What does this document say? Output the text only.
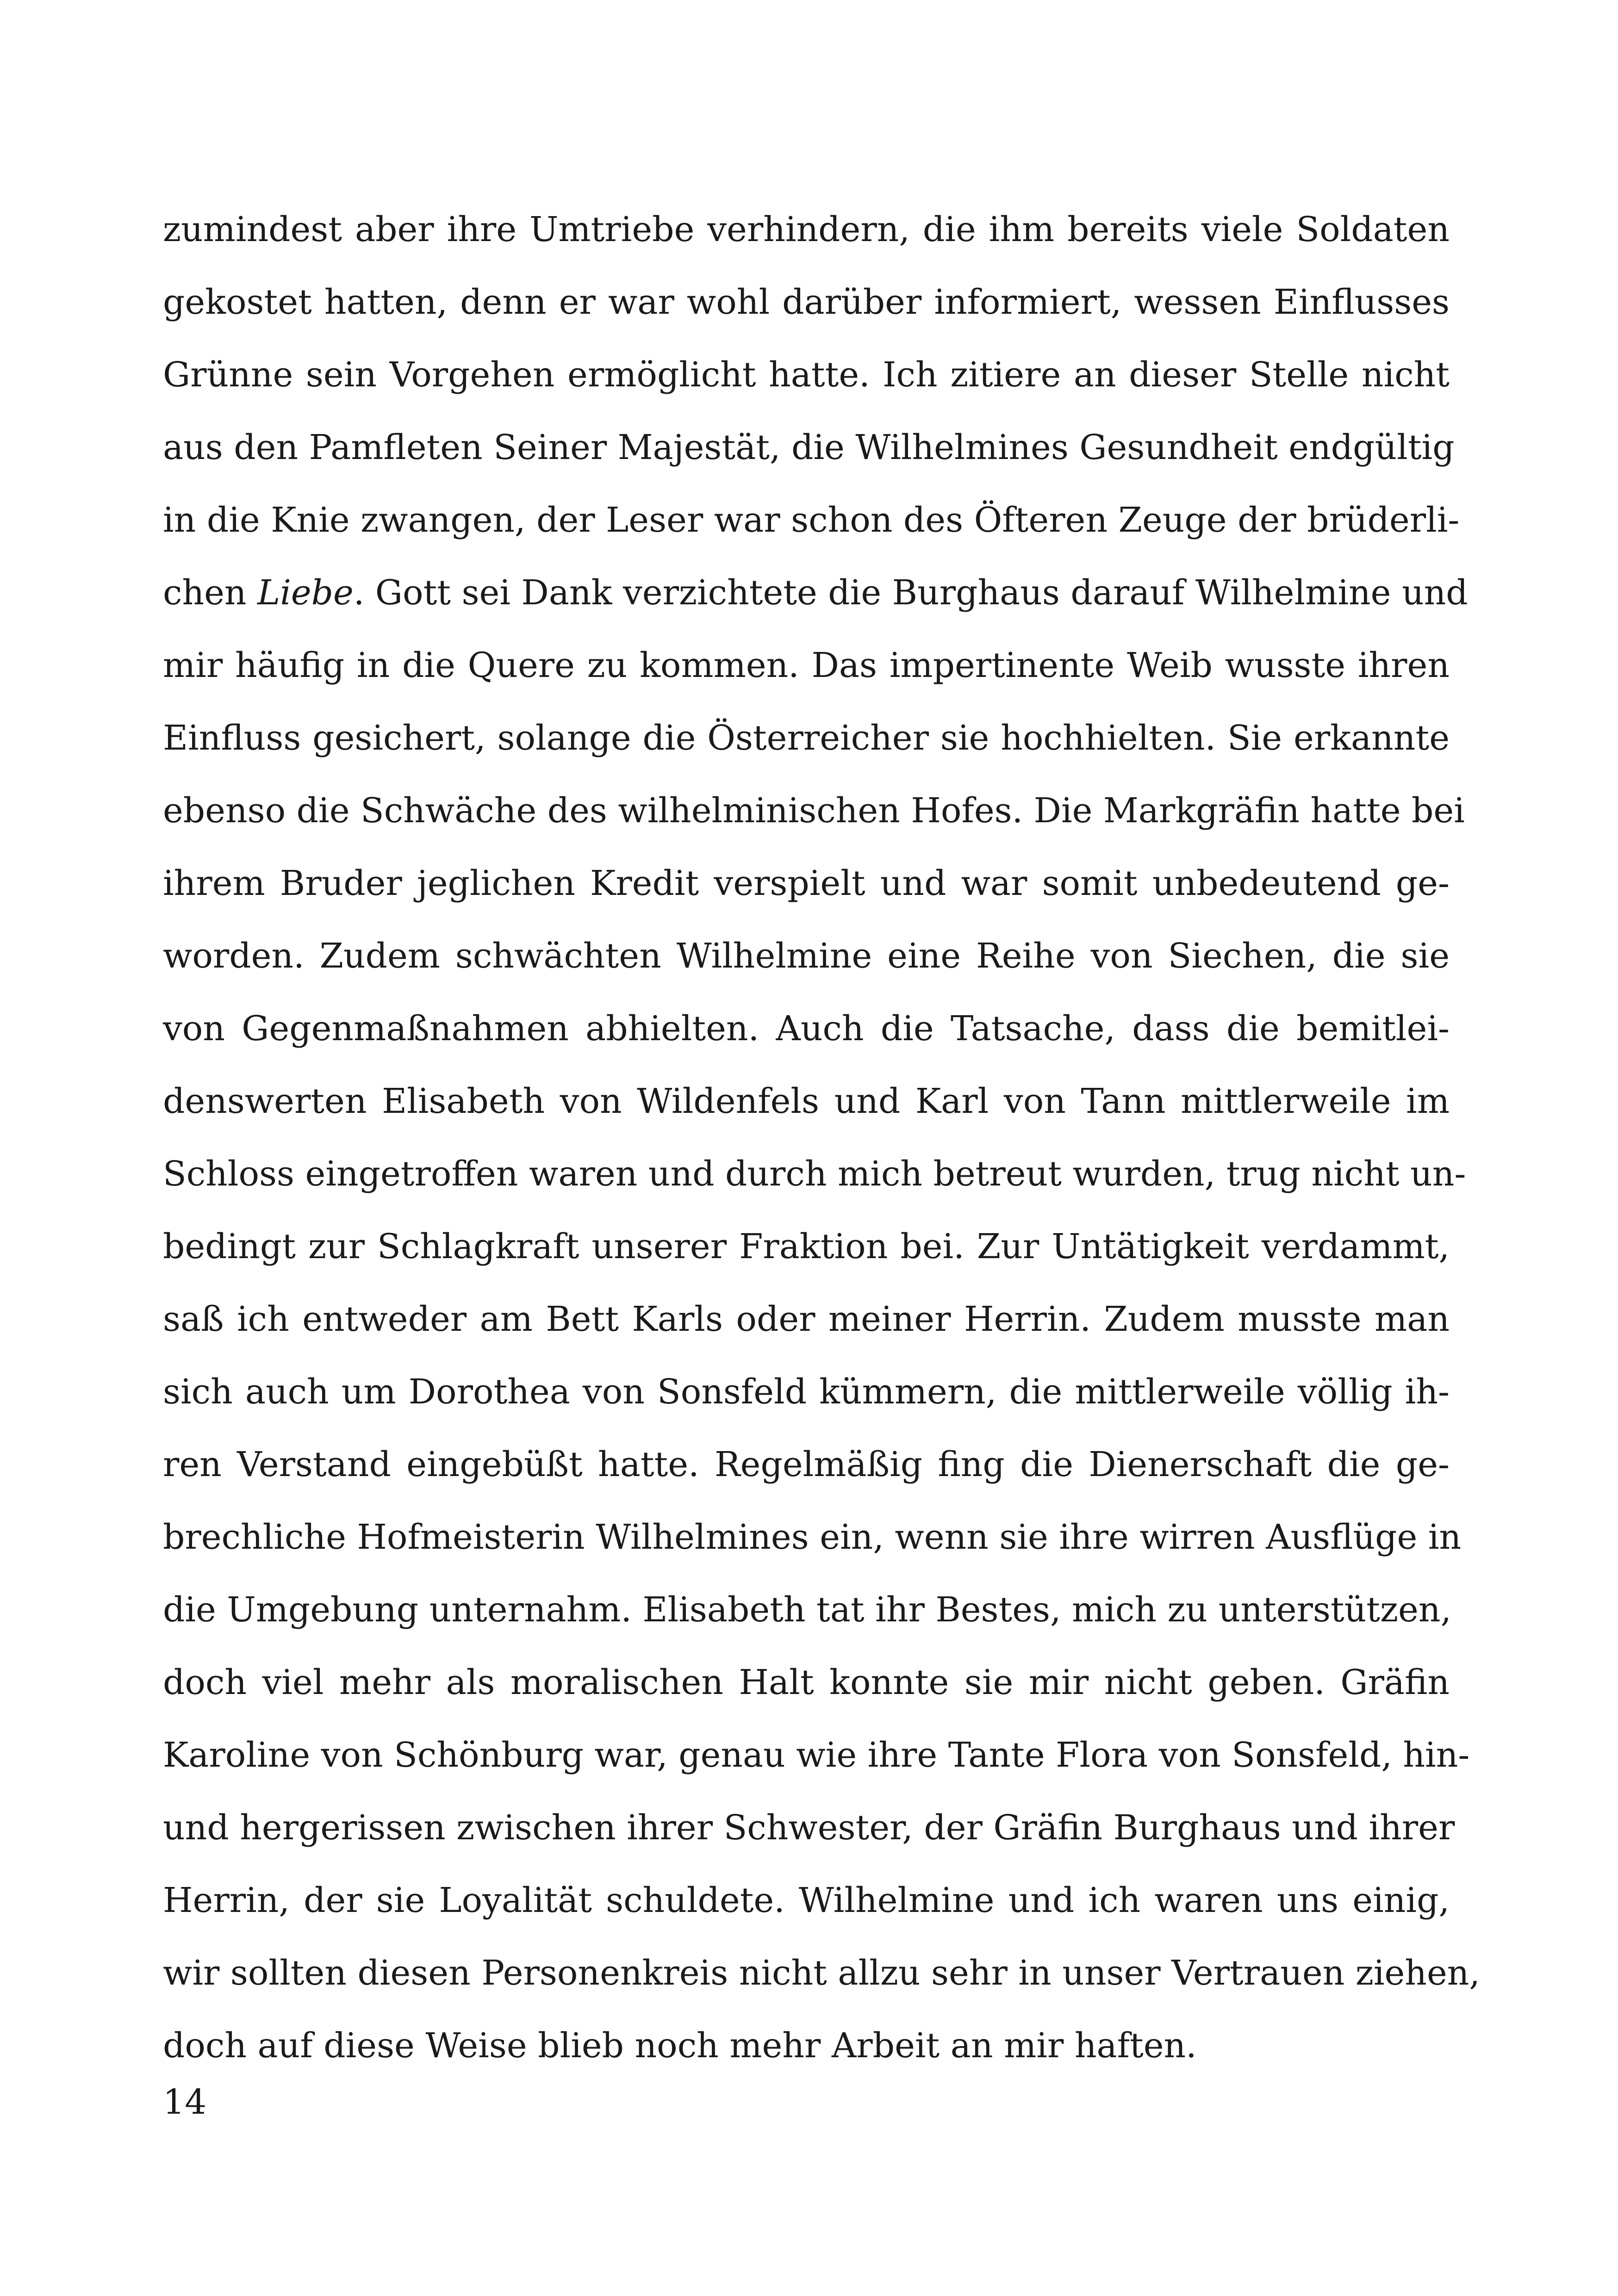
zumindest aber ihre Umtriebe verhindern, die ihm bereits viele Soldaten
gekostet hatten, denn er war wohl darüber informiert, wessen Einflusses
Grünne sein Vorgehen ermöglicht hatte. Ich zitiere an dieser Stelle nicht
aus den Pamfleten Seiner Majestät, die Wilhelmines Gesundheit endgültig
in die Knie zwangen, der Leser war schon des Öfteren Zeuge der brüderli-
chen Liebe. Gott sei Dank verzichtete die Burghaus darauf Wilhelmine und
mir häufig in die Quere zu kommen. Das impertinente Weib wusste ihren
Einfluss gesichert, solange die Österreicher sie hochhielten. Sie erkannte
ebenso die Schwäche des wilhelminischen Hofes. Die Markgräfin hatte bei
ihrem Bruder jeglichen Kredit verspielt und war somit unbedeutend ge-
worden. Zudem schwächten Wilhelmine eine Reihe von Siechen, die sie
von Gegenmaßnahmen abhielten. Auch die Tatsache, dass die bemitlei-
denswerten Elisabeth von Wildenfels und Karl von Tann mittlerweile im
Schloss eingetroffen waren und durch mich betreut wurden, trug nicht un-
bedingt zur Schlagkraft unserer Fraktion bei. Zur Untätigkeit verdammt,
saß ich entweder am Bett Karls oder meiner Herrin. Zudem musste man
sich auch um Dorothea von Sonsfeld kümmern, die mittlerweile völlig ih-
ren Verstand eingebüßt hatte. Regelmäßig fing die Dienerschaft die ge-
brechliche Hofmeisterin Wilhelmines ein, wenn sie ihre wirren Ausflüge in
die Umgebung unternahm. Elisabeth tat ihr Bestes, mich zu unterstützen,
doch viel mehr als moralischen Halt konnte sie mir nicht geben. Gräfin
Karoline von Schönburg war, genau wie ihre Tante Flora von Sonsfeld, hin-
und hergerissen zwischen ihrer Schwester, der Gräfin Burghaus und ihrer
Herrin, der sie Loyalität schuldete. Wilhelmine und ich waren uns einig,
wir sollten diesen Personenkreis nicht allzu sehr in unser Vertrauen ziehen,
doch auf diese Weise blieb noch mehr Arbeit an mir haften.

14
